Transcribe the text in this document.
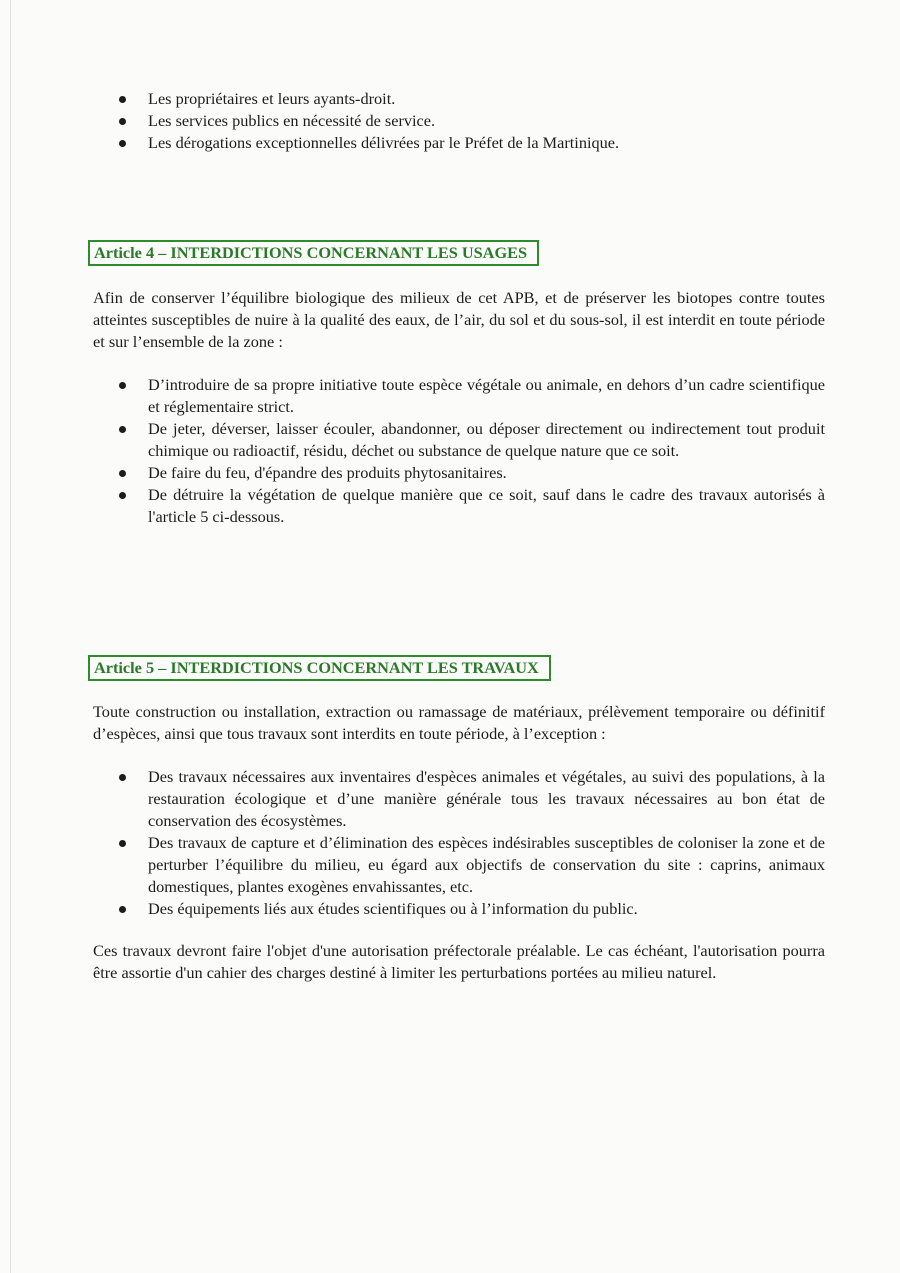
Les propriétaires et leurs ayants-droit.
Les services publics en nécessité de service.
Les dérogations exceptionnelles délivrées par le Préfet de la Martinique.
Article 4 – INTERDICTIONS CONCERNANT LES USAGES

Afin de conserver l’équilibre biologique des milieux de cet APB, et de préserver les biotopes contre toutes atteintes susceptibles de nuire à la qualité des eaux, de l’air, du sol et du sous-sol, il est interdit en toute période et sur l’ensemble de la zone :

D’introduire de sa propre initiative toute espèce végétale ou animale, en dehors d’un cadre scientifique et réglementaire strict.
De jeter, déverser, laisser écouler, abandonner, ou déposer directement ou indirectement tout produit chimique ou radioactif, résidu, déchet ou substance de quelque nature que ce soit.
De faire du feu, d'épandre des produits phytosanitaires.
De détruire la végétation de quelque manière que ce soit, sauf dans le cadre des travaux autorisés à l'article 5 ci-dessous.
Article 5 – INTERDICTIONS CONCERNANT LES TRAVAUX

Toute construction ou installation, extraction ou ramassage de matériaux, prélèvement temporaire ou définitif d’espèces, ainsi que tous travaux sont interdits en toute période, à l’exception :

Des travaux nécessaires aux inventaires d'espèces animales et végétales, au suivi des populations, à la restauration écologique et d’une manière générale tous les travaux nécessaires au bon état de conservation des écosystèmes.
Des travaux de capture et d’élimination des espèces indésirables susceptibles de coloniser la zone et de perturber l’équilibre du milieu, eu égard aux objectifs de conservation du site : caprins, animaux domestiques, plantes exogènes envahissantes, etc.
Des équipements liés aux études scientifiques ou à l’information du public.

Ces travaux devront faire l'objet d'une autorisation préfectorale préalable. Le cas échéant, l'autorisation pourra être assortie d'un cahier des charges destiné à limiter les perturbations portées au milieu naturel.
